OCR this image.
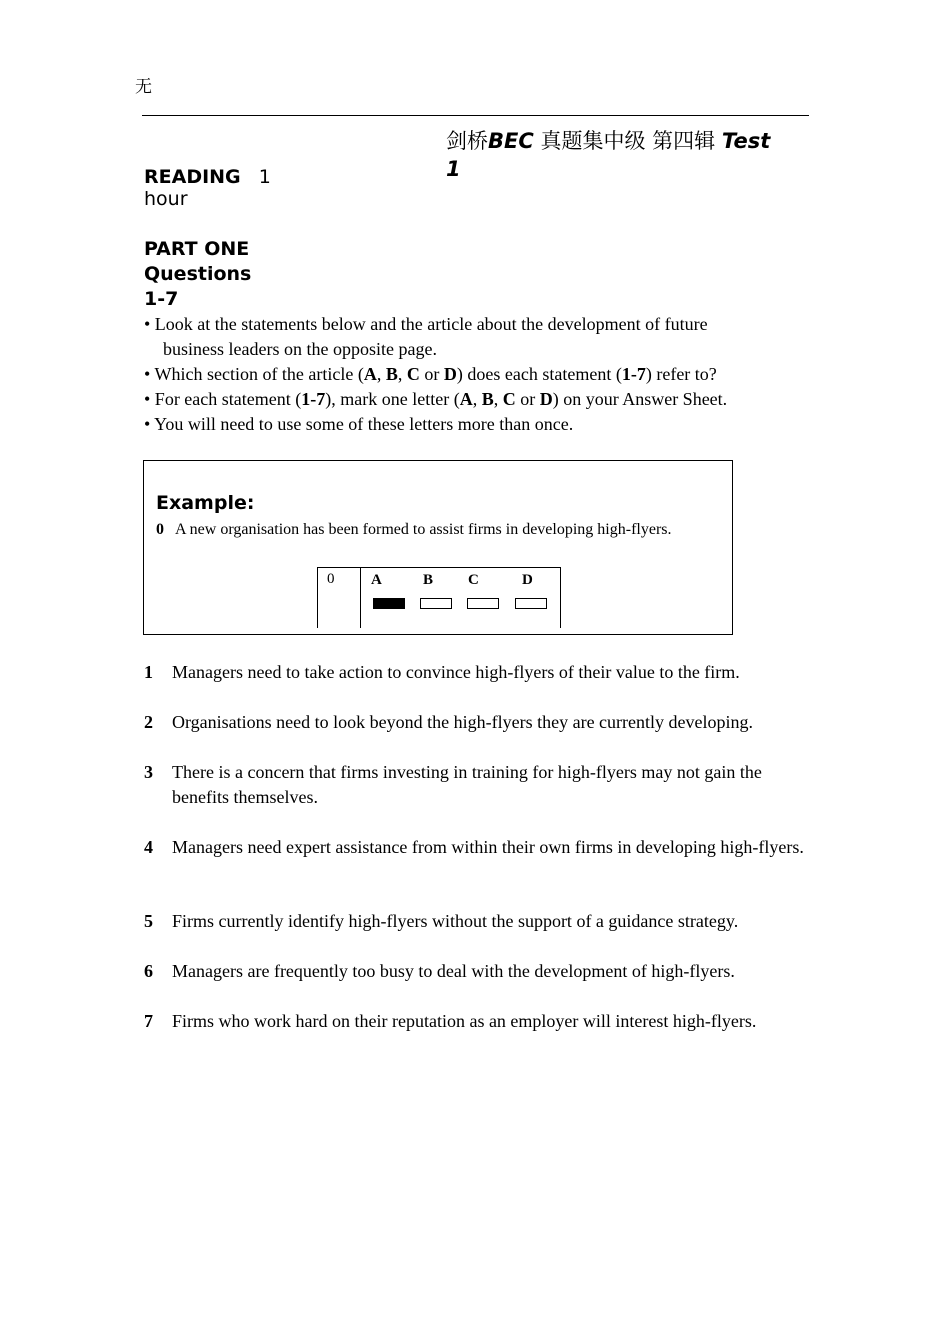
无
剑桥BEC 真题集中级 第四辑 Test
1
READING 1
hour
PART ONE
Questions
1-7
• Look at the statements below and the article about the development of future
business leaders on the opposite page.
• Which section of the article (A, B, C or D) does each statement (1-7) refer to?
• For each statement (1-7), mark one letter (A, B, C or D) on your Answer Sheet.
• You will need to use some of these letters more than once.
Example:
0 A new organisation has been formed to assist firms in developing high-flyers.
0 A	B C	D
1 Managers need to take action to convince high-flyers of their value to the firm.
2 Organisations need to look beyond the high-flyers they are currently developing.
3 There is a concern that firms investing in training for high-flyers may not gain the
benefits themselves.
4 Managers need expert assistance from within their own firms in developing high-flyers.
5 Firms currently identify high-flyers without the support of a guidance strategy.
6 Managers are frequently too busy to deal with the development of high-flyers.
7 Firms who work hard on their reputation as an employer will interest high-flyers.
